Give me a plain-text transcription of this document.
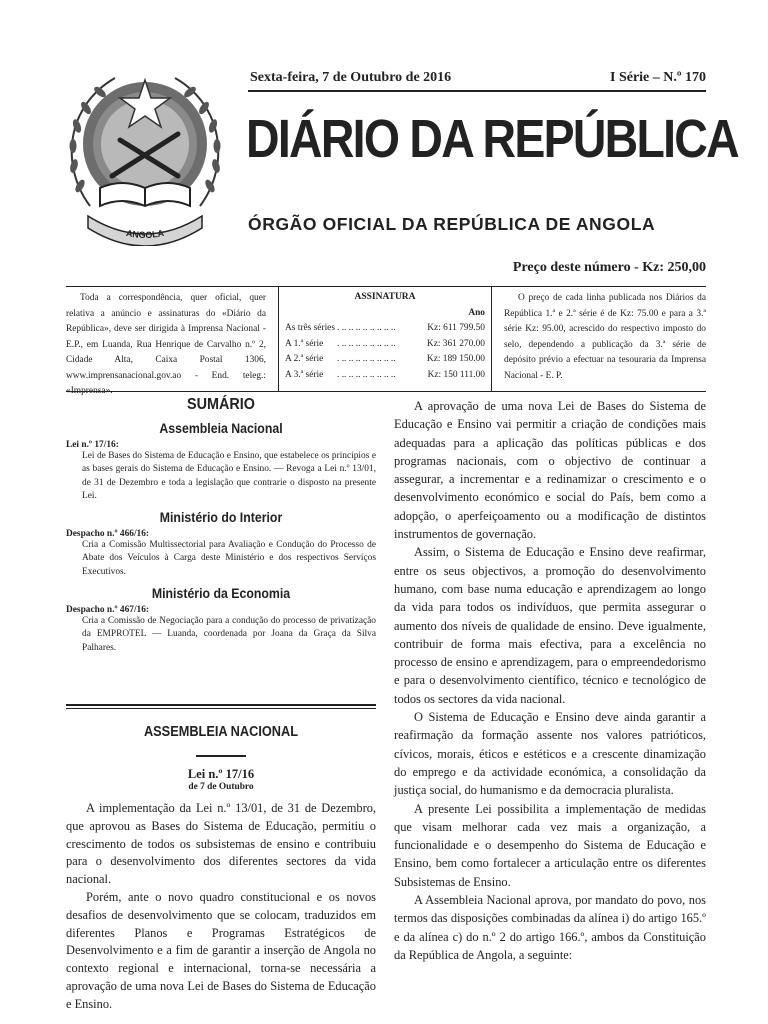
ANGOLA
Sexta-feira, 7 de Outubro de 2016	I Série – N.º 170
DIÁRIO DA REPÚBLICA
ÓRGÃO OFICIAL DA REPÚBLICA DE ANGOLA
Preço deste número - Kz: 250,00
Toda a correspondência, quer oficial, quer relativa a anúncio e assinaturas do «Diário da República», deve ser dirigida à Imprensa Nacional - E.P., em Luanda, Rua Henrique de Carvalho n.º 2, Cidade Alta, Caixa Postal 1306, www.imprensanacional.gov.ao - End. teleg.: «Imprensa».
ASSINATURA
Ano
As três séries . .. .. .. .. .. .. .. ..	Kz: 611 799.50
A 1.ª série	. .. .. .. .. .. .. .. ..	Kz: 361 270.00
A 2.ª série	. .. .. .. .. .. .. .. ..	Kz: 189 150.00
A 3.ª série	. .. .. .. .. .. .. .. ..	Kz: 150 111.00
O preço de cada linha publicada nos Diários da República 1.ª e 2.ª série é de Kz: 75.00 e para a 3.ª série Kz: 95.00, acrescido do respectivo imposto do selo, dependendo a publicação da 3.ª série de depósito prévio a efectuar na tesouraria da Imprensa Nacional - E. P.
SUMÁRIO
Assembleia Nacional
Lei n.º 17/16:
Lei de Bases do Sistema de Educação e Ensino, que estabelece os princípios e as bases gerais do Sistema de Educação e Ensino. — Revoga a Lei n.º 13/01, de 31 de Dezembro e toda a legislação que contrarie o disposto na presente Lei.
Ministério do Interior
Despacho n.º 466/16:
Cria a Comissão Multissectorial para Avaliação e Condução do Processo de Abate dos Veículos à Carga deste Ministério e dos respectivos Serviços Executivos.
Ministério da Economia
Despacho n.º 467/16:
Cria a Comissão de Negociação para a condução do processo de privatização da EMPROTEL — Luanda, coordenada por Joana da Graça da Silva Palhares.
ASSEMBLEIA NACIONAL
Lei n.º 17/16
de 7 de Outubro

A implementação da Lei n.º 13/01, de 31 de Dezembro, que aprovou as Bases do Sistema de Educação, permitiu o crescimento de todos os subsistemas de ensino e contribuiu para o desenvolvimento dos diferentes sectores da vida nacional.

Porém, ante o novo quadro constitucional e os novos desafios de desenvolvimento que se colocam, traduzidos em diferentes Planos e Programas Estratégicos de Desenvolvimento e a fim de garantir a inserção de Angola no contexto regional e internacional, torna-se necessária a aprovação de uma nova Lei de Bases do Sistema de Educação e Ensino.

A aprovação de uma nova Lei de Bases do Sistema de Educação e Ensino vai permitir a criação de condições mais adequadas para a aplicação das políticas públicas e dos programas nacionais, com o objectivo de continuar a assegurar, a incrementar e a redinamizar o crescimento e o desenvolvimento económico e social do País, bem como a adopção, o aperfeiçoamento ou a modificação de distintos instrumentos de governação.

Assim, o Sistema de Educação e Ensino deve reafirmar, entre os seus objectivos, a promoção do desenvolvimento humano, com base numa educação e aprendizagem ao longo da vida para todos os indivíduos, que permita assegurar o aumento dos níveis de qualidade de ensino. Deve igualmente, contribuir de forma mais efectiva, para a excelência no processo de ensino e aprendizagem, para o empreendedorismo e para o desenvolvimento científico, técnico e tecnológico de todos os sectores da vida nacional.

O Sistema de Educação e Ensino deve ainda garantir a reafirmação da formação assente nos valores patrióticos, cívicos, morais, éticos e estéticos e a crescente dinamização do emprego e da actividade económica, a consolidação da justiça social, do humanismo e da democracia pluralista.

A presente Lei possibilita a implementação de medidas que visam melhorar cada vez mais a organização, a funcionalidade e o desempenho do Sistema de Educação e Ensino, bem como fortalecer a articulação entre os diferentes Subsistemas de Ensino.

A Assembleia Nacional aprova, por mandato do povo, nos termos das disposições combinadas da alínea i) do artigo 165.º e da alínea c) do n.º 2 do artigo 166.º, ambos da Constituição da República de Angola, a seguinte:
